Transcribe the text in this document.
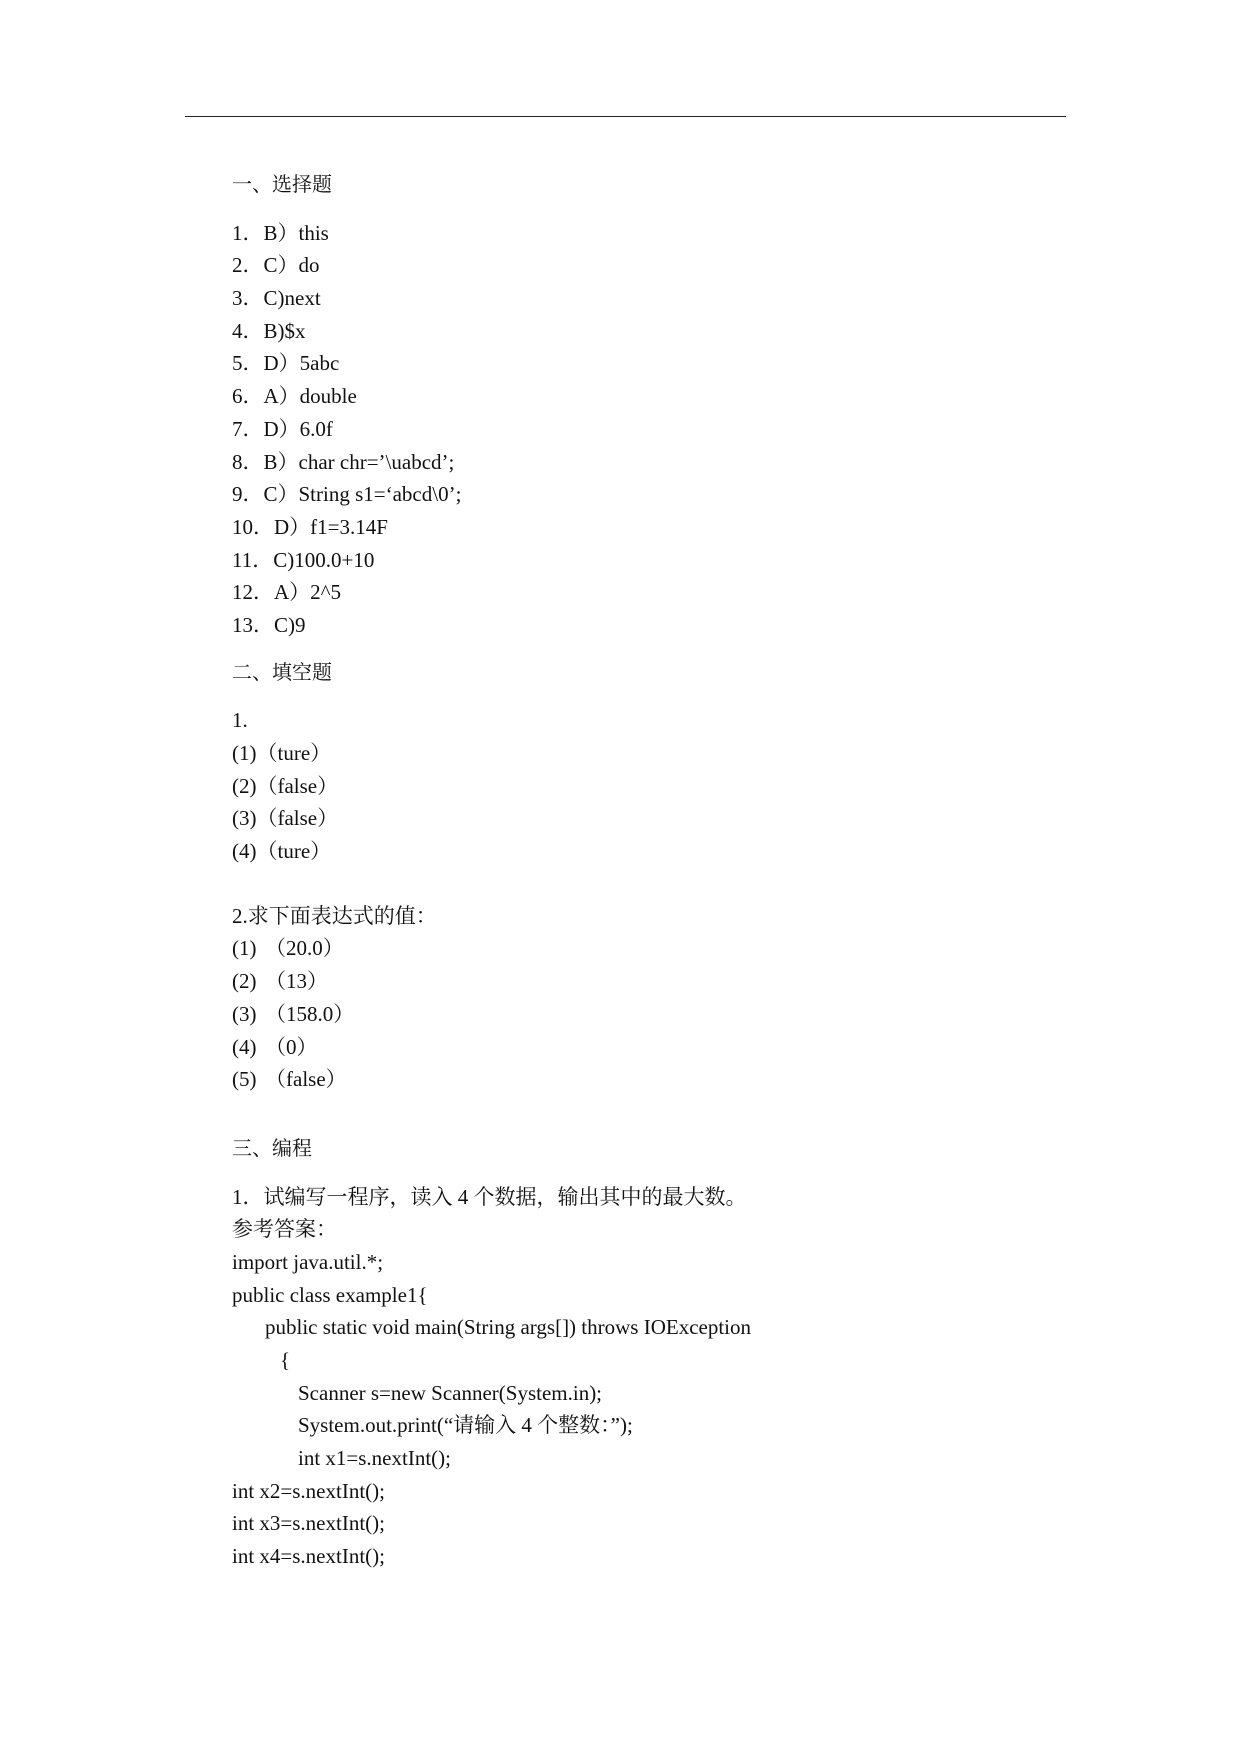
一、选择题
1．B）this
2．C）do
3．C)next
4．B)$x
5．D）5abc
6．A）double
7．D）6.0f
8．B）char chr=’\uabcd’;
9．C）String s1=‘abcd\0’;
10．D）f1=3.14F
11．C)100.0+10
12．A）2^5
13．C)9
二、填空题
1.
(1)（ture）
(2)（false）
(3)（false）
(4)（ture）
2.求下面表达式的值：
(1) （20.0）
(2) （13）
(3) （158.0）
(4) （0）
(5) （false）
三、编程
1．试编写一程序，读入 4 个数据，输出其中的最大数。
参考答案：
import java.util.*;
public class example1{
public static void main(String args[]) throws IOException
{
Scanner s=new Scanner(System.in);
System.out.print(“请输入 4 个整数：”);
int x1=s.nextInt();
int x2=s.nextInt();
int x3=s.nextInt();
int x4=s.nextInt();
